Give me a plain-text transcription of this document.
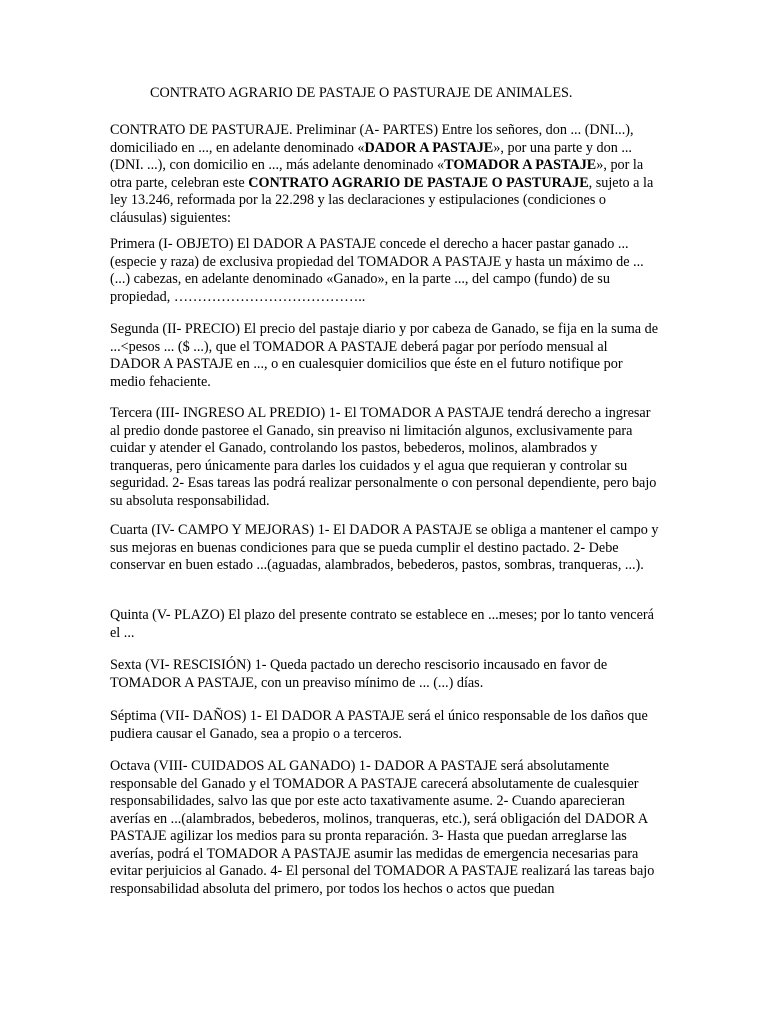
CONTRATO AGRARIO DE PASTAJE O PASTURAJE DE ANIMALES.

CONTRATO DE PASTURAJE. Preliminar (A- PARTES) Entre los señores, don ... (DNI...), domiciliado en ..., en adelante denominado «DADOR A PASTAJE», por una parte y don ... (DNI. ...), con domicilio en ..., más adelante denominado «TOMADOR A PASTAJE», por la otra parte, celebran este CONTRATO AGRARIO DE PASTAJE O PASTURAJE, sujeto a la ley 13.246, reformada por la 22.298 y las declaraciones y estipulaciones (condiciones o cláusulas) siguientes:

Primera (I- OBJETO) El DADOR A PASTAJE concede el derecho a hacer pastar ganado ...(especie y raza) de exclusiva propiedad del TOMADOR A PASTAJE y hasta un máximo de ... (...) cabezas, en adelante denominado «Ganado», en la parte ..., del campo (fundo) de su propiedad, …………………………………..

Segunda (II- PRECIO) El precio del pastaje diario y por cabeza de Ganado, se fija en la suma de ...<pesos ... ($ ...), que el TOMADOR A PASTAJE deberá pagar por período mensual al DADOR A PASTAJE en ..., o en cualesquier domicilios que éste en el futuro notifique por medio fehaciente.

Tercera (III- INGRESO AL PREDIO) 1- El TOMADOR A PASTAJE tendrá derecho a ingresar al predio donde pastoree el Ganado, sin preaviso ni limitación algunos, exclusivamente para cuidar y atender el Ganado, controlando los pastos, bebederos, molinos, alambrados y tranqueras, pero únicamente para darles los cuidados y el agua que requieran y controlar su seguridad. 2- Esas tareas las podrá realizar personalmente o con personal dependiente, pero bajo su absoluta responsabilidad.

Cuarta (IV- CAMPO Y MEJORAS) 1- El DADOR A PASTAJE se obliga a mantener el campo y sus mejoras en buenas condiciones para que se pueda cumplir el destino pactado. 2- Debe conservar en buen estado ...(aguadas, alambrados, bebederos, pastos, sombras, tranqueras, ...).

Quinta (V- PLAZO) El plazo del presente contrato se establece en ...meses; por lo tanto vencerá el ...

Sexta (VI- RESCISIÓN) 1- Queda pactado un derecho rescisorio incausado en favor de TOMADOR A PASTAJE, con un preaviso mínimo de ... (...) días.

Séptima (VII- DAÑOS) 1- El DADOR A PASTAJE será el único responsable de los daños que pudiera causar el Ganado, sea a propio o a terceros.

Octava (VIII- CUIDADOS AL GANADO) 1- DADOR A PASTAJE será absolutamente responsable del Ganado y el TOMADOR A PASTAJE carecerá absolutamente de cualesquier responsabilidades, salvo las que por este acto taxativamente asume. 2- Cuando aparecieran averías en ...(alambrados, bebederos, molinos, tranqueras, etc.), será obligación del DADOR A PASTAJE agilizar los medios para su pronta reparación. 3- Hasta que puedan arreglarse las averías, podrá el TOMADOR A PASTAJE asumir las medidas de emergencia necesarias para evitar perjuicios al Ganado. 4- El personal del TOMADOR A PASTAJE realizará las tareas bajo responsabilidad absoluta del primero, por todos los hechos o actos que puedan
